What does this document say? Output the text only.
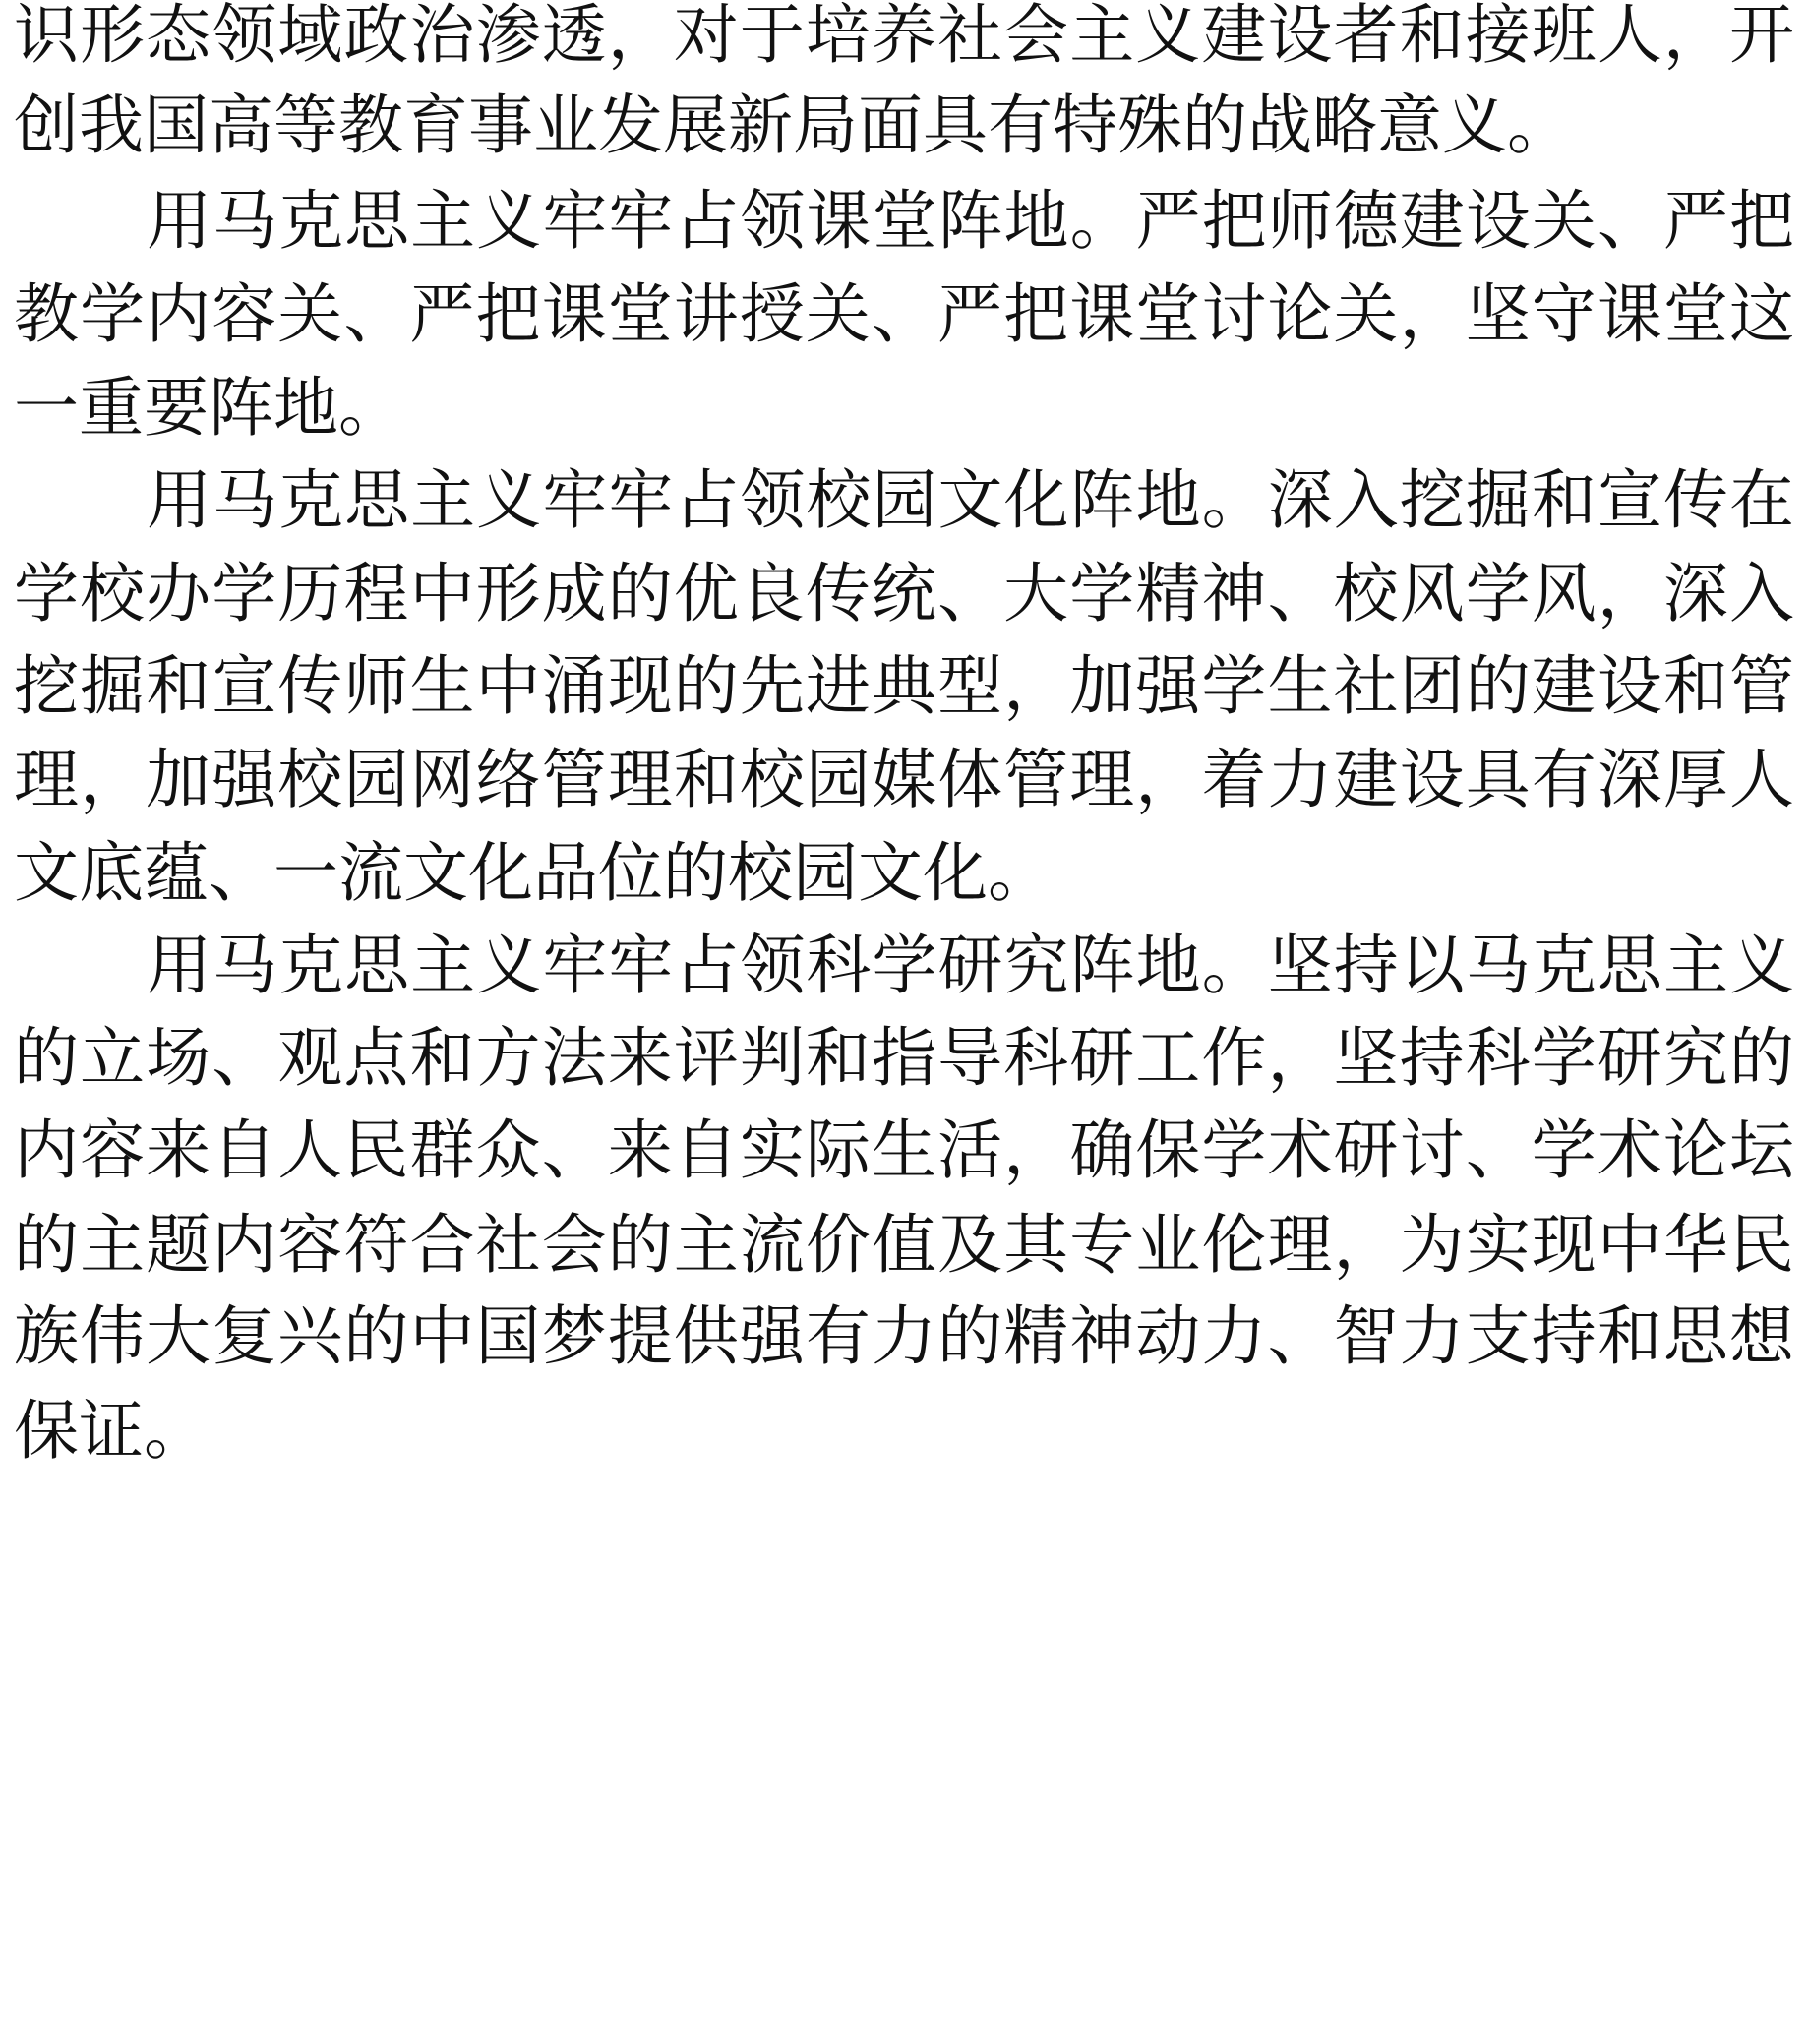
识形态领域政治渗透，对于培养社会主义建设者和接班人，开
创我国高等教育事业发展新局面具有特殊的战略意义。
用马克思主义牢牢占领课堂阵地。严把师德建设关、严把
教学内容关、严把课堂讲授关、严把课堂讨论关，坚守课堂这
一重要阵地。
用马克思主义牢牢占领校园文化阵地。深入挖掘和宣传在
学校办学历程中形成的优良传统、大学精神、校风学风，深入
挖掘和宣传师生中涌现的先进典型，加强学生社团的建设和管
理，加强校园网络管理和校园媒体管理，着力建设具有深厚人
文底蕴、一流文化品位的校园文化。
用马克思主义牢牢占领科学研究阵地。坚持以马克思主义
的立场、观点和方法来评判和指导科研工作，坚持科学研究的
内容来自人民群众、来自实际生活，确保学术研讨、学术论坛
的主题内容符合社会的主流价值及其专业伦理，为实现中华民
族伟大复兴的中国梦提供强有力的精神动力、智力支持和思想
保证。
